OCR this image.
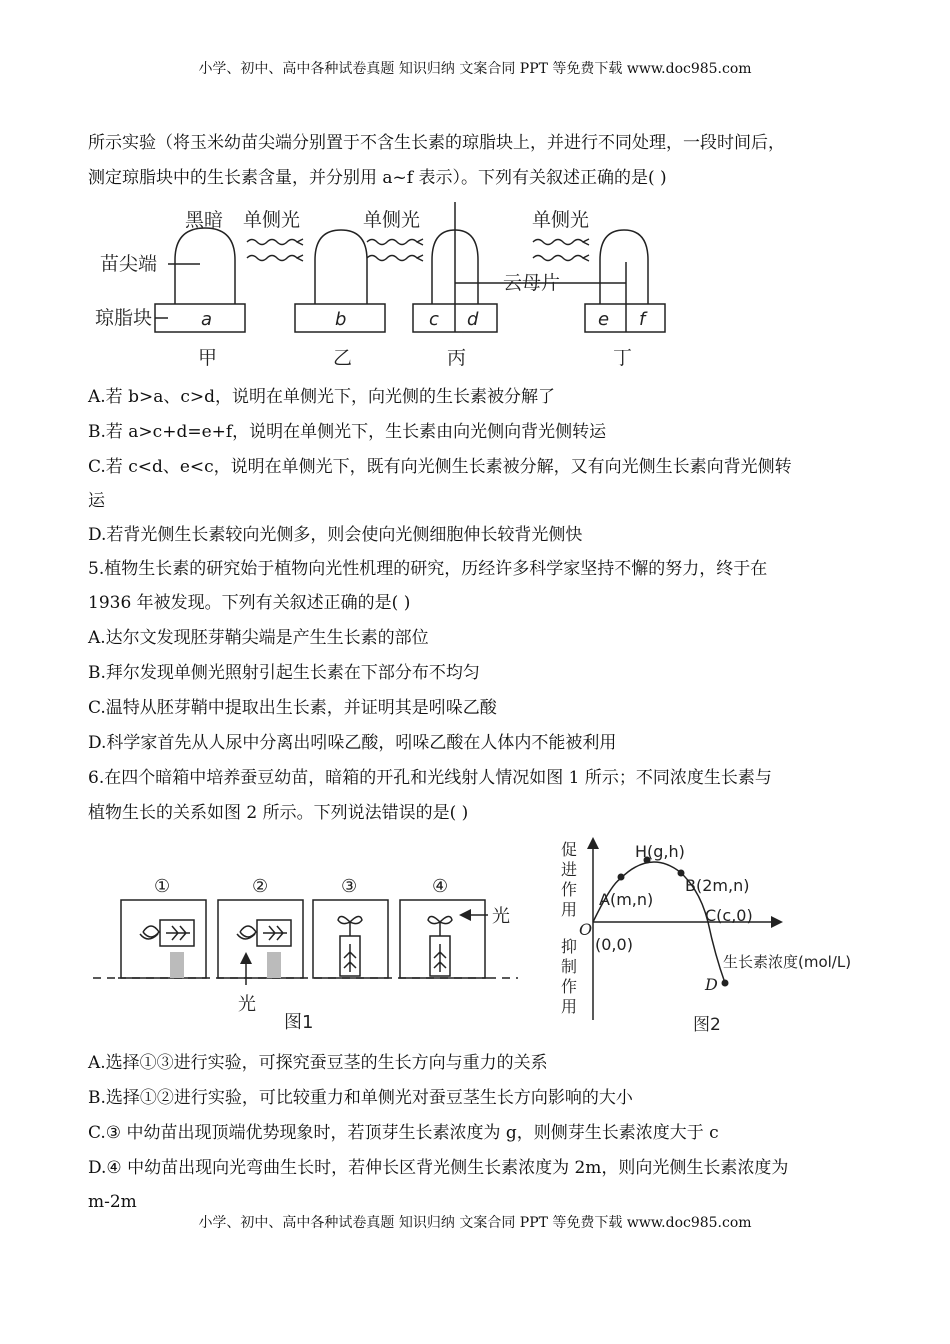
小学、初中、高中各种试卷真题 知识归纳 文案合同 PPT 等免费下载 www.doc985.com
所示实验（将玉米幼苗尖端分别置于不含生长素的琼脂块上，并进行不同处理，一段时间后，
测定琼脂块中的生长素含量，并分别用 a~f 表示）。下列有关叙述正确的是( )
黑暗 单侧光	单侧光	单侧光
苗尖端
琼脂块
云母片
甲	乙	丙	丁
a	b	c d	e f
A.若 b>a、c>d，说明在单侧光下，向光侧的生长素被分解了
B.若 a>c+d=e+f，说明在单侧光下，生长素由向光侧向背光侧转运
C.若 c<d、e<c，说明在单侧光下，既有向光侧生长素被分解，又有向光侧生长素向背光侧转
运
D.若背光侧生长素较向光侧多，则会使向光侧细胞伸长较背光侧快
5.植物生长素的研究始于植物向光性机理的研究，历经许多科学家坚持不懈的努力，终于在
1936 年被发现。下列有关叙述正确的是( )
A.达尔文发现胚芽鞘尖端是产生生长素的部位
B.拜尔发现单侧光照射引起生长素在下部分布不均匀
C.温特从胚芽鞘中提取出生长素，并证明其是吲哚乙酸
D.科学家首先从人尿中分离出吲哚乙酸，吲哚乙酸在人体内不能被利用
6.在四个暗箱中培养蚕豆幼苗，暗箱的开孔和光线射人情况如图 1 所示；不同浓度生长素与
植物生长的关系如图 2 所示。下列说法错误的是( )
①	②	③	④
光
光
图1
促
进
作
用
抑
制
作
用
O
(0,0)
H(g,h)
A(m,n)
B(2m,n)
C(c,0)
D
生长素浓度(mol/L)
图2
A.选择①③进行实验，可探究蚕豆茎的生长方向与重力的关系
B.选择①②进行实验，可比较重力和单侧光对蚕豆茎生长方向影响的大小
C.③ 中幼苗出现顶端优势现象时，若顶芽生长素浓度为 g，则侧芽生长素浓度大于 c
D.④ 中幼苗出现向光弯曲生长时，若伸长区背光侧生长素浓度为 2m，则向光侧生长素浓度为
m-2m
小学、初中、高中各种试卷真题 知识归纳 文案合同 PPT 等免费下载 www.doc985.com
